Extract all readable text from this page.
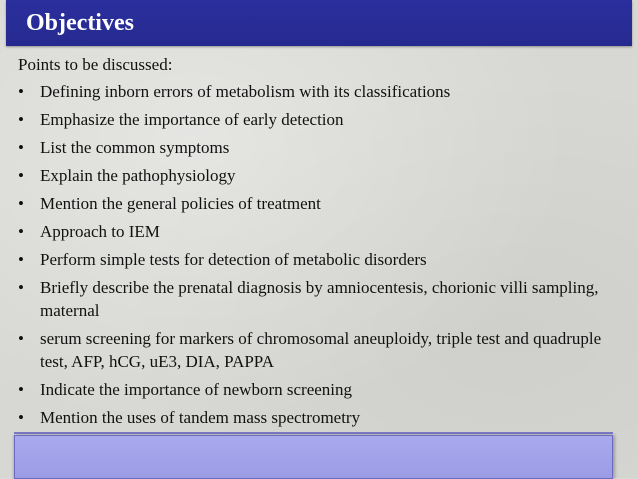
Objectives
Points to be discussed:
• Defining inborn errors of metabolism with its classifications
• Emphasize the importance of early detection
• List the common symptoms
• Explain the pathophysiology
• Mention the general policies of treatment
• Approach to IEM
• Perform simple tests for detection of metabolic disorders
• Briefly describe the prenatal diagnosis by amniocentesis, chorionic villi sampling, maternal
• serum screening for markers of chromosomal aneuploidy, triple test and quadruple test, AFP, hCG, uE3, DIA, PAPPA
• Indicate the importance of newborn screening
• Mention the uses of tandem mass spectrometry
